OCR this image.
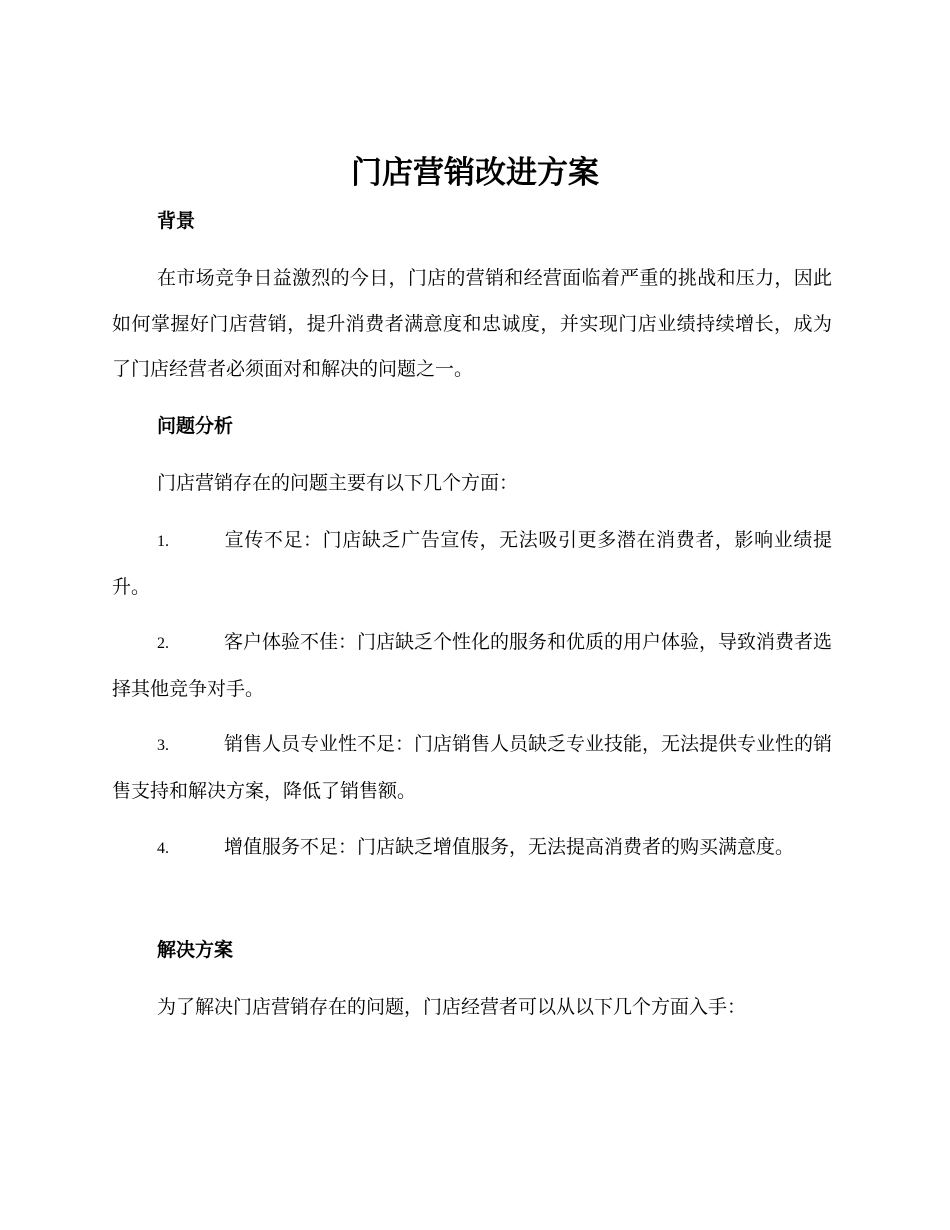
门店营销改进方案
背景

在市场竞争日益激烈的今日，门店的营销和经营面临着严重的挑战和压力，因此如何掌握好门店营销，提升消费者满意度和忠诚度，并实现门店业绩持续增长，成为了门店经营者必须面对和解决的问题之一。

问题分析

门店营销存在的问题主要有以下几个方面：

1.	宣传不足：门店缺乏广告宣传，无法吸引更多潜在消费者，影响业绩提升。

2.	客户体验不佳：门店缺乏个性化的服务和优质的用户体验，导致消费者选择其他竞争对手。

3.	销售人员专业性不足：门店销售人员缺乏专业技能，无法提供专业性的销售支持和解决方案，降低了销售额。

4.	增值服务不足：门店缺乏增值服务，无法提高消费者的购买满意度。

解决方案

为了解决门店营销存在的问题，门店经营者可以从以下几个方面入手：
